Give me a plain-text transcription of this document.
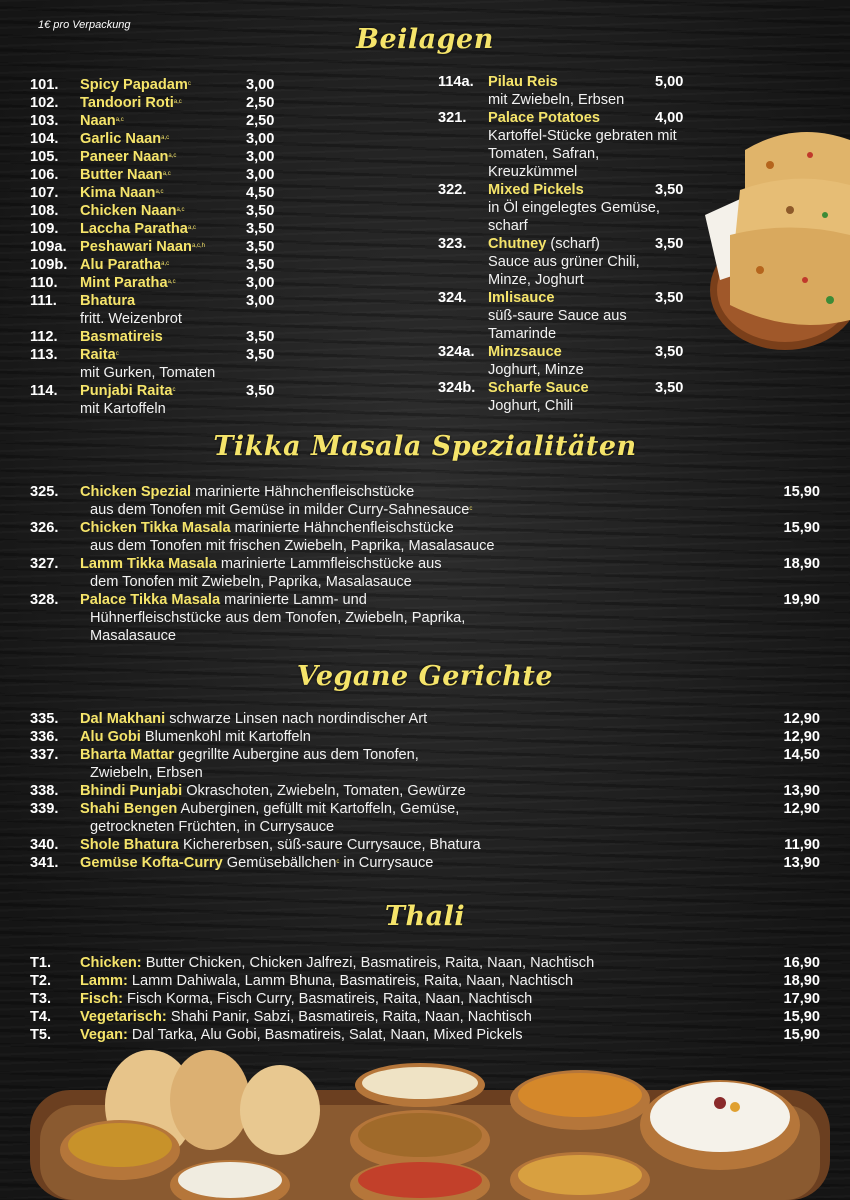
1€ pro Verpackung	Beilagen
101. Spicy Papadam$^c$	3,00
102. Tandoori Roti$^{a,c}$	2,50
103. Naan$^{a,c}$	2,50
104. Garlic Naan$^{a,c}$	3,00
105. Paneer Naan$^{a,c}$	3,00
106. Butter Naan$^{a,c}$	3,00
107. Kima Naan$^{a,c}$	4,50
108. Chicken Naan$^{a,c}$	3,50
109. Laccha Paratha$^{a,c}$	3,50
109a. Peshawari Naan$^{a,c,h}$	3,50
109b. Alu Paratha$^{a,c}$	3,50
110. Mint Paratha$^{a,c}$	3,00
111. Bhatura	3,00
fritt. Weizenbrot
112. Basmatireis	3,50
113. Raita$^c$	3,50
mit Gurken, Tomaten
114. Punjabi Raita$^c$	3,50
mit Kartoffeln
114a. Pilau Reis	5,00
mit Zwiebeln, Erbsen
321. Palace Potatoes	4,00
Kartoffel-Stücke gebraten mit Tomaten, Safran, Kreuzkümmel
322. Mixed Pickels	3,50
in Öl eingelegtes Gemüse, scharf
323. Chutney (scharf)	3,50
Sauce aus grüner Chili, Minze, Joghurt
324. Imlisauce	3,50
süß-saure Sauce aus Tamarinde
324a. Minzsauce	3,50
Joghurt, Minze
324b. Scharfe Sauce	3,50
Joghurt, Chili
Tikka Masala Spezialitäten
325. Chicken Spezial marinierte Hähnchenfleischstücke
aus dem Tonofen mit Gemüse in milder Curry-Sahnesauce$^c$
15,90
326. Chicken Tikka Masala marinierte Hähnchenfleischstücke
aus dem Tonofen mit frischen Zwiebeln, Paprika, Masalasauce
15,90
327. Lamm Tikka Masala marinierte Lammfleischstücke aus
dem Tonofen mit Zwiebeln, Paprika, Masalasauce
18,90
328. Palace Tikka Masala marinierte Lamm- und
Hühnerfleischstücke aus dem Tonofen, Zwiebeln, Paprika,
Masalasauce
19,90
Vegane Gerichte
335. Dal Makhani schwarze Linsen nach nordindischer Art	12,90
336. Alu Gobi Blumenkohl mit Kartoffeln	12,90
337. Bharta Mattar gegrillte Aubergine aus dem Tonofen,
Zwiebeln, Erbsen
14,50
338. Bhindi Punjabi Okraschoten, Zwiebeln, Tomaten, Gewürze	13,90
339. Shahi Bengen Auberginen, gefüllt mit Kartoffeln, Gemüse,
getrockneten Früchten, in Currysauce
12,90
340. Shole Bhatura Kichererbsen, süß-saure Currysauce, Bhatura	11,90
341. Gemüse Kofta-Curry Gemüsebällchen$^c$ in Currysauce	13,90
Thali
T1. Chicken: Butter Chicken, Chicken Jalfrezi, Basmatireis, Raita, Naan, Nachtisch	16,90
T2. Lamm: Lamm Dahiwala, Lamm Bhuna, Basmatireis, Raita, Naan, Nachtisch	18,90
T3. Fisch: Fisch Korma, Fisch Curry, Basmatireis, Raita, Naan, Nachtisch	17,90
T4. Vegetarisch: Shahi Panir, Sabzi, Basmatireis, Raita, Naan, Nachtisch	15,90
T5. Vegan: Dal Tarka, Alu Gobi, Basmatireis, Salat, Naan, Mixed Pickels	15,90
